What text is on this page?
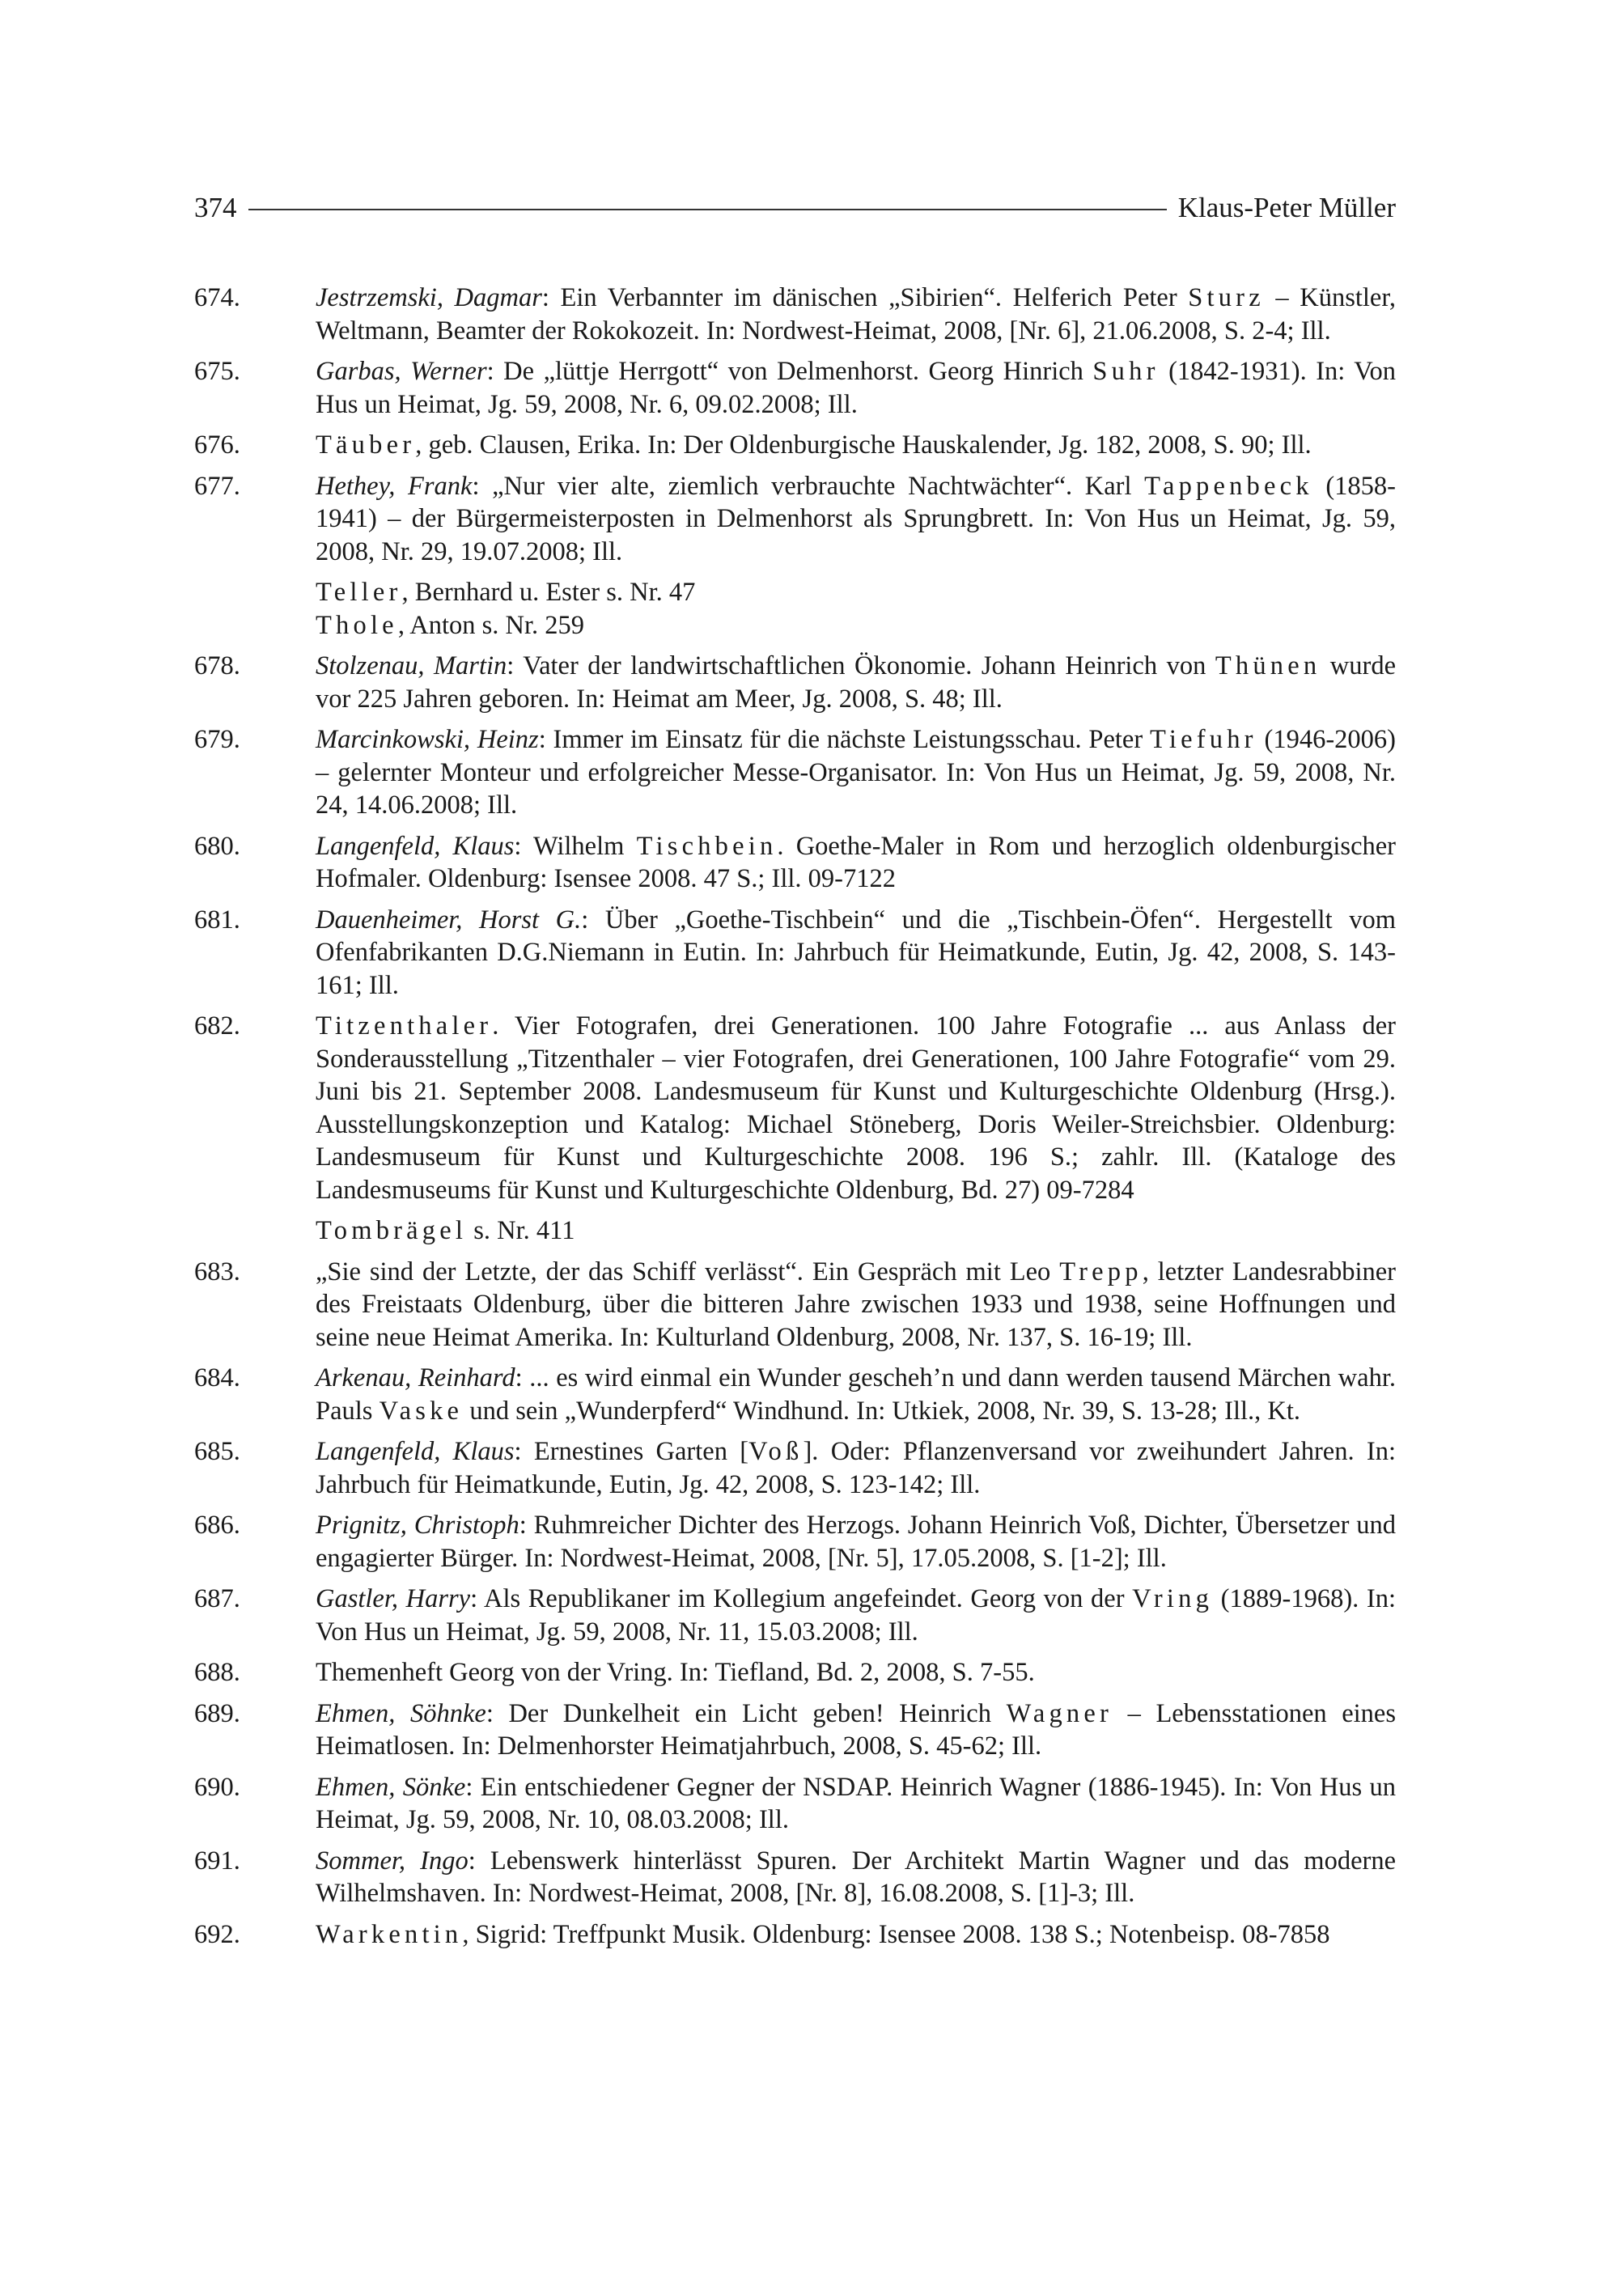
374	Klaus-Peter Müller
674.	Jestrzemski, Dagmar: Ein Verbannter im dänischen „Sibirien“. Helferich Peter Sturz – Künstler, Weltmann, Beamter der Rokokozeit. In: Nordwest-Heimat, 2008, [Nr. 6], 21.06.2008, S. 2-4; Ill.
675.	Garbas, Werner: De „lüttje Herrgott“ von Delmenhorst. Georg Hinrich Suhr (1842-1931). In: Von Hus un Heimat, Jg. 59, 2008, Nr. 6, 09.02.2008; Ill.
676.	Täuber, geb. Clausen, Erika. In: Der Oldenburgische Hauskalender, Jg. 182, 2008, S. 90; Ill.
677.	Hethey, Frank: „Nur vier alte, ziemlich verbrauchte Nachtwächter“. Karl Tappenbeck (1858-1941) – der Bürgermeisterposten in Delmenhorst als Sprungbrett. In: Von Hus un Heimat, Jg. 59, 2008, Nr. 29, 19.07.2008; Ill.
Teller, Bernhard u. Ester s. Nr. 47
Thole, Anton s. Nr. 259
678.	Stolzenau, Martin: Vater der landwirtschaftlichen Ökonomie. Johann Heinrich von Thünen wurde vor 225 Jahren geboren. In: Heimat am Meer, Jg. 2008, S. 48; Ill.
679.	Marcinkowski, Heinz: Immer im Einsatz für die nächste Leistungsschau. Peter Tiefuhr (1946-2006) – gelernter Monteur und erfolgreicher Messe-Organisator. In: Von Hus un Heimat, Jg. 59, 2008, Nr. 24, 14.06.2008; Ill.
680.	Langenfeld, Klaus: Wilhelm Tischbein. Goethe-Maler in Rom und herzoglich oldenburgischer Hofmaler. Oldenburg: Isensee 2008. 47 S.; Ill. 09-7122
681.	Dauenheimer, Horst G.: Über „Goethe-Tischbein“ und die „Tischbein-Öfen“. Hergestellt vom Ofenfabrikanten D.G.Niemann in Eutin. In: Jahrbuch für Heimatkunde, Eutin, Jg. 42, 2008, S. 143-161; Ill.
682.	Titzenthaler. Vier Fotografen, drei Generationen. 100 Jahre Fotografie ... aus Anlass der Sonderausstellung „Titzenthaler – vier Fotografen, drei Generationen, 100 Jahre Fotografie“ vom 29. Juni bis 21. September 2008. Landesmuseum für Kunst und Kulturgeschichte Oldenburg (Hrsg.). Ausstellungskonzeption und Katalog: Michael Stöneberg, Doris Weiler-Streichsbier. Oldenburg: Landesmuseum für Kunst und Kulturgeschichte 2008. 196 S.; zahlr. Ill. (Kataloge des Landesmuseums für Kunst und Kulturgeschichte Oldenburg, Bd. 27) 09-7284
Tombrägel s. Nr. 411
683.	„Sie sind der Letzte, der das Schiff verlässt“. Ein Gespräch mit Leo Trepp, letzter Landesrabbiner des Freistaats Oldenburg, über die bitteren Jahre zwischen 1933 und 1938, seine Hoffnungen und seine neue Heimat Amerika. In: Kulturland Oldenburg, 2008, Nr. 137, S. 16-19; Ill.
684.	Arkenau, Reinhard: ... es wird einmal ein Wunder gescheh’n und dann werden tausend Märchen wahr. Pauls Vaske und sein „Wunderpferd“ Windhund. In: Utkiek, 2008, Nr. 39, S. 13-28; Ill., Kt.
685.	Langenfeld, Klaus: Ernestines Garten [Voß]. Oder: Pflanzenversand vor zweihundert Jahren. In: Jahrbuch für Heimatkunde, Eutin, Jg. 42, 2008, S. 123-142; Ill.
686.	Prignitz, Christoph: Ruhmreicher Dichter des Herzogs. Johann Heinrich Voß, Dichter, Übersetzer und engagierter Bürger. In: Nordwest-Heimat, 2008, [Nr. 5], 17.05.2008, S. [1-2]; Ill.
687.	Gastler, Harry: Als Republikaner im Kollegium angefeindet. Georg von der Vring (1889-1968). In: Von Hus un Heimat, Jg. 59, 2008, Nr. 11, 15.03.2008; Ill.
688.	Themenheft Georg von der Vring. In: Tiefland, Bd. 2, 2008, S. 7-55.
689.	Ehmen, Söhnke: Der Dunkelheit ein Licht geben! Heinrich Wagner – Lebensstationen eines Heimatlosen. In: Delmenhorster Heimatjahrbuch, 2008, S. 45-62; Ill.
690.	Ehmen, Sönke: Ein entschiedener Gegner der NSDAP. Heinrich Wagner (1886-1945). In: Von Hus un Heimat, Jg. 59, 2008, Nr. 10, 08.03.2008; Ill.
691.	Sommer, Ingo: Lebenswerk hinterlässt Spuren. Der Architekt Martin Wagner und das moderne Wilhelmshaven. In: Nordwest-Heimat, 2008, [Nr. 8], 16.08.2008, S. [1]-3; Ill.
692.	Warkentin, Sigrid: Treffpunkt Musik. Oldenburg: Isensee 2008. 138 S.; Notenbeisp. 08-7858
